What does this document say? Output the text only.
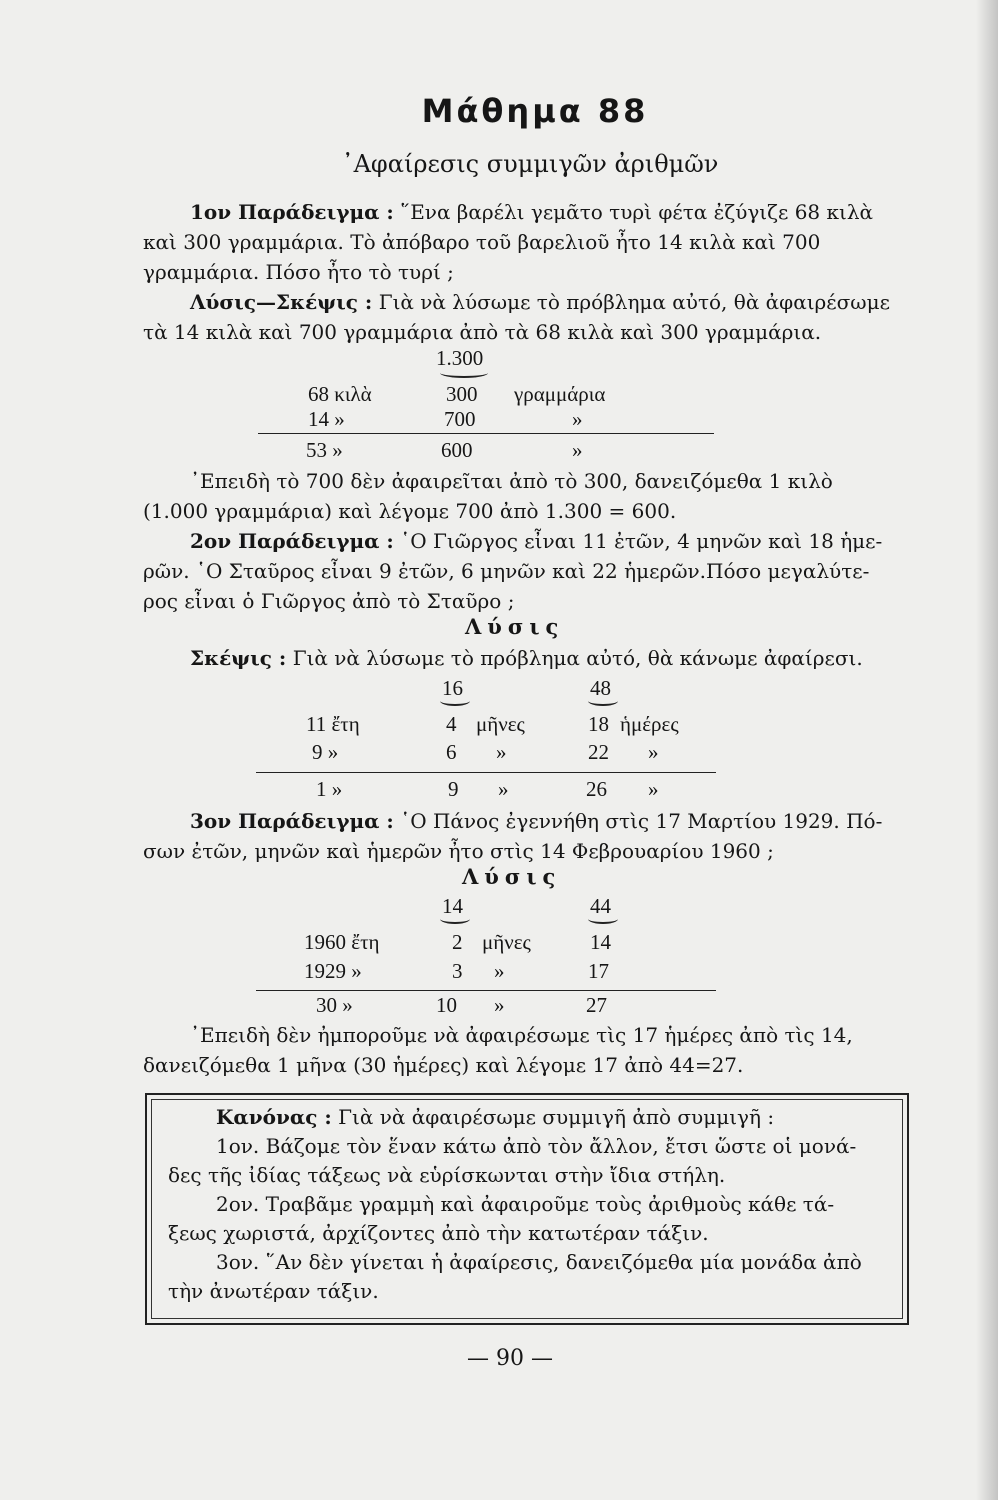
Μάθημα 88
᾿Αφαίρεσις συμμιγῶν ἀριθμῶν
1ον Παράδειγμα : ῞Ενα βαρέλι γεμᾶτο τυρὶ φέτα ἐζύγιζε 68 κιλὰ
καὶ 300 γραμμάρια. Τὸ ἀπόβαρο τοῦ βαρελιοῦ ἦτο 14 κιλὰ καὶ 700
γραμμάρια. Πόσο ἦτο τὸ τυρί ;
Λύσις—Σκέψις : Γιὰ νὰ λύσωμε τὸ πρόβλημα αὐτό, θὰ ἀφαιρέσωμε
τὰ 14 κιλὰ καὶ 700 γραμμάρια ἀπὸ τὰ 68 κιλὰ καὶ 300 γραμμάρια.
1.300
68 κιλὰ	300 γραμμάρια
14 »	700	»
53 »	600	»
᾿Επειδὴ τὸ 700 δὲν ἀφαιρεῖται ἀπὸ τὸ 300, δανειζόμεθα 1 κιλὸ
(1.000 γραμμάρια) καὶ λέγομε 700 ἀπὸ 1.300 = 600.
2ον Παράδειγμα : ῾Ο Γιῶργος εἶναι 11 ἐτῶν, 4 μηνῶν καὶ 18 ἡμε-
ρῶν. ῾Ο Σταῦρος εἶναι 9 ἐτῶν, 6 μηνῶν καὶ 22 ἡμερῶν.Πόσο μεγαλύτε-
ρος εἶναι ὁ Γιῶργος ἀπὸ τὸ Σταῦρο ;
Λύσις
Σκέψις : Γιὰ νὰ λύσωμε τὸ πρόβλημα αὐτό, θὰ κάνωμε ἀφαίρεσι.
16	48
11 ἔτη	4 μῆνες	18 ἡμέρες
9 »	6 »	22 »
1 »	9 »	26 »
3ον Παράδειγμα : ῾Ο Πάνος ἐγεννήθη στὶς 17 Μαρτίου 1929. Πό-
σων ἐτῶν, μηνῶν καὶ ἡμερῶν ἦτο στὶς 14 Φεβρουαρίου 1960 ;
Λύσις
14	44
1960 ἔτη	2 μῆνες	14
1929 »	3 »	17
30 »	10 »	27
᾿Επειδὴ δὲν ἠμποροῦμε νὰ ἀφαιρέσωμε τὶς 17 ἡμέρες ἀπὸ τὶς 14,
δανειζόμεθα 1 μῆνα (30 ἡμέρες) καὶ λέγομε 17 ἀπὸ 44=27.
Κανόνας : Γιὰ νὰ ἀφαιρέσωμε συμμιγῆ ἀπὸ συμμιγῆ :
1ον. Βάζομε τὸν ἕναν κάτω ἀπὸ τὸν ἄλλον, ἔτσι ὥστε οἱ μονά-
δες τῆς ἰδίας τάξεως νὰ εὑρίσκωνται στὴν ἴδια στήλη.
2ον. Τραβᾶμε γραμμὴ καὶ ἀφαιροῦμε τοὺς ἀριθμοὺς κάθε τά-
ξεως χωριστά, ἀρχίζοντες ἀπὸ τὴν κατωτέραν τάξιν.
3ον. ῞Αν δὲν γίνεται ἡ ἀφαίρεσις, δανειζόμεθα μία μονάδα ἀπὸ
τὴν ἀνωτέραν τάξιν.
— 90 —
